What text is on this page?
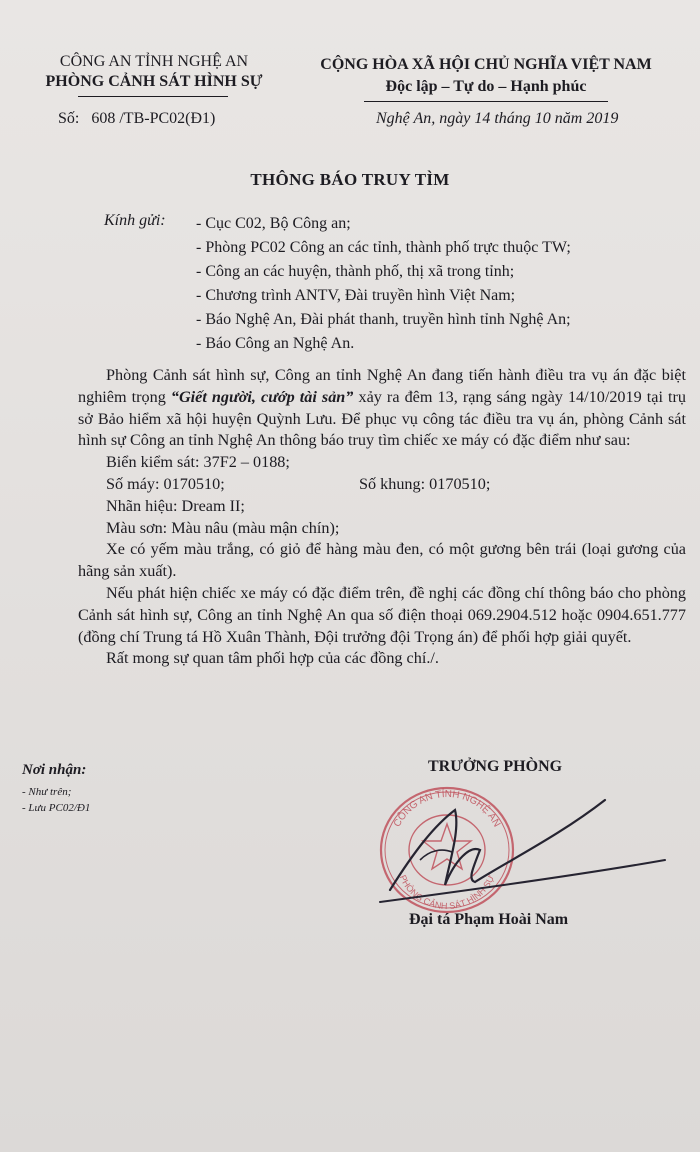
CÔNG AN TỈNH NGHỆ AN
PHÒNG CẢNH SÁT HÌNH SỰ
CỘNG HÒA XÃ HỘI CHỦ NGHĨA VIỆT NAM
Độc lập – Tự do – Hạnh phúc
Số: 608 /TB-PC02(Đ1)	Nghệ An, ngày 14 tháng 10 năm 2019
THÔNG BÁO TRUY TÌM
Kính gửi: - Cục C02, Bộ Công an;
- Phòng PC02 Công an các tỉnh, thành phố trực thuộc TW;
- Công an các huyện, thành phố, thị xã trong tỉnh;
- Chương trình ANTV, Đài truyền hình Việt Nam;
- Báo Nghệ An, Đài phát thanh, truyền hình tỉnh Nghệ An;
- Báo Công an Nghệ An.

Phòng Cảnh sát hình sự, Công an tỉnh Nghệ An đang tiến hành điều tra vụ án đặc biệt nghiêm trọng “Giết người, cướp tài sản” xảy ra đêm 13, rạng sáng ngày 14/10/2019 tại trụ sở Bảo hiểm xã hội huyện Quỳnh Lưu. Để phục vụ công tác điều tra vụ án, phòng Cảnh sát hình sự Công an tỉnh Nghệ An thông báo truy tìm chiếc xe máy có đặc điểm như sau:

Biển kiểm sát: 37F2 – 0188;

Số máy: 0170510;	Số khung: 0170510;

Nhãn hiệu: Dream II;

Màu sơn: Màu nâu (màu mận chín);

Xe có yếm màu trắng, có giỏ để hàng màu đen, có một gương bên trái (loại gương của hãng sản xuất).

Nếu phát hiện chiếc xe máy có đặc điểm trên, đề nghị các đồng chí thông báo cho phòng Cảnh sát hình sự, Công an tỉnh Nghệ An qua số điện thoại 069.2904.512 hoặc 0904.651.777 (đồng chí Trung tá Hồ Xuân Thành, Đội trưởng đội Trọng án) để phối hợp giải quyết.

Rất mong sự quan tâm phối hợp của các đồng chí./.

Nơi nhận:
- Như trên;
- Lưu PC02/Đ1
TRƯỞNG PHÒNG
CÔNG AN TỈNH NGHỆ AN
PHÒNG CẢNH SÁT HÌNH SỰ
Đại tá Phạm Hoài Nam
